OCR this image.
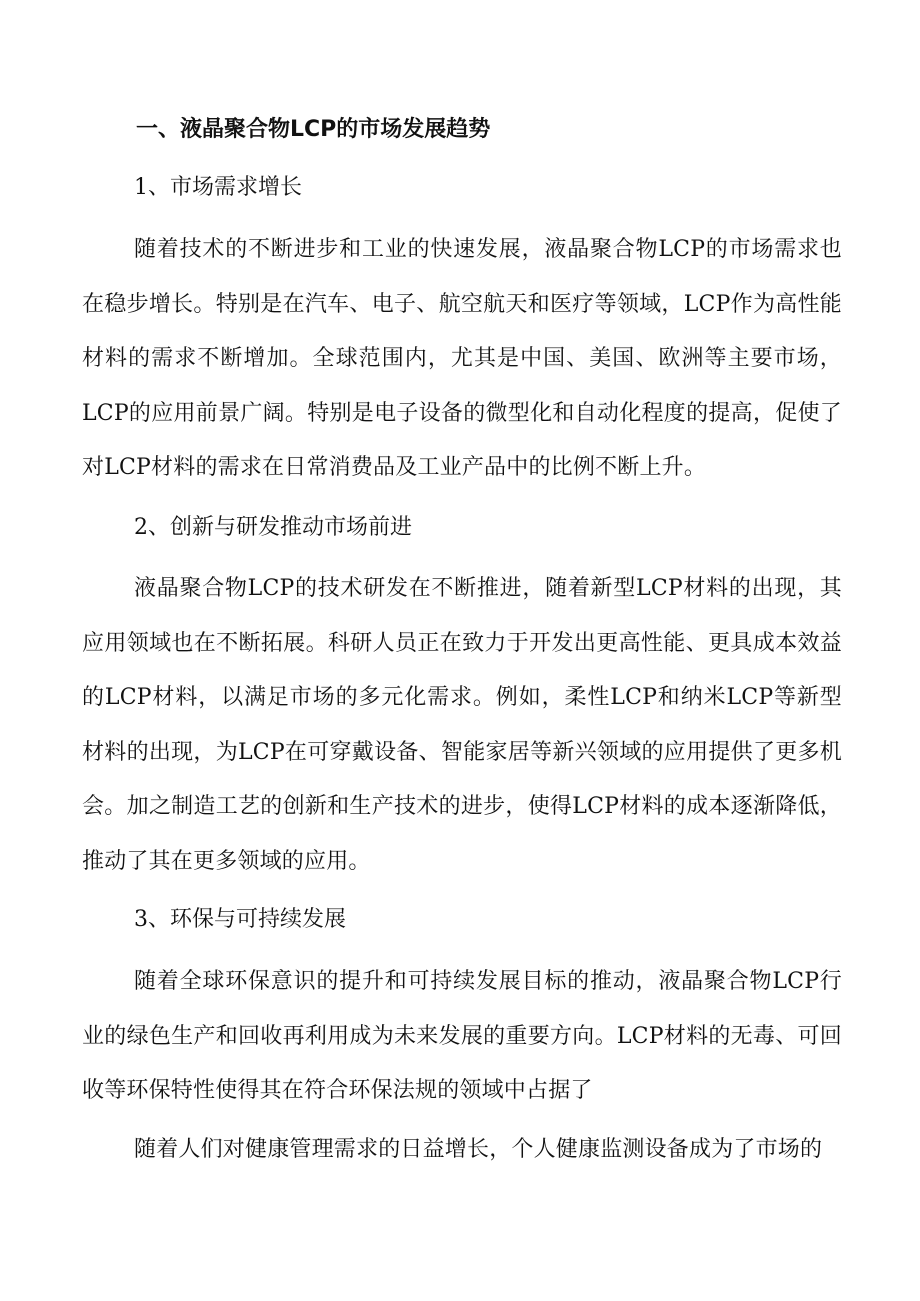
一、液晶聚合物LCP的市场发展趋势
1、市场需求增长

随着技术的不断进步和工业的快速发展，液晶聚合物LCP的市场需求也在稳步增长。特别是在汽车、电子、航空航天和医疗等领域，LCP作为高性能材料的需求不断增加。全球范围内，尤其是中国、美国、欧洲等主要市场，LCP的应用前景广阔。特别是电子设备的微型化和自动化程度的提高，促使了对LCP材料的需求在日常消费品及工业产品中的比例不断上升。

2、创新与研发推动市场前进

液晶聚合物LCP的技术研发在不断推进，随着新型LCP材料的出现，其应用领域也在不断拓展。科研人员正在致力于开发出更高性能、更具成本效益的LCP材料，以满足市场的多元化需求。例如，柔性LCP和纳米LCP等新型材料的出现，为LCP在可穿戴设备、智能家居等新兴领域的应用提供了更多机会。加之制造工艺的创新和生产技术的进步，使得LCP材料的成本逐渐降低，推动了其在更多领域的应用。

3、环保与可持续发展

随着全球环保意识的提升和可持续发展目标的推动，液晶聚合物LCP行业的绿色生产和回收再利用成为未来发展的重要方向。LCP材料的无毒、可回收等环保特性使得其在符合环保法规的领域中占据了

随着人们对健康管理需求的日益增长，个人健康监测设备成为了市场的
